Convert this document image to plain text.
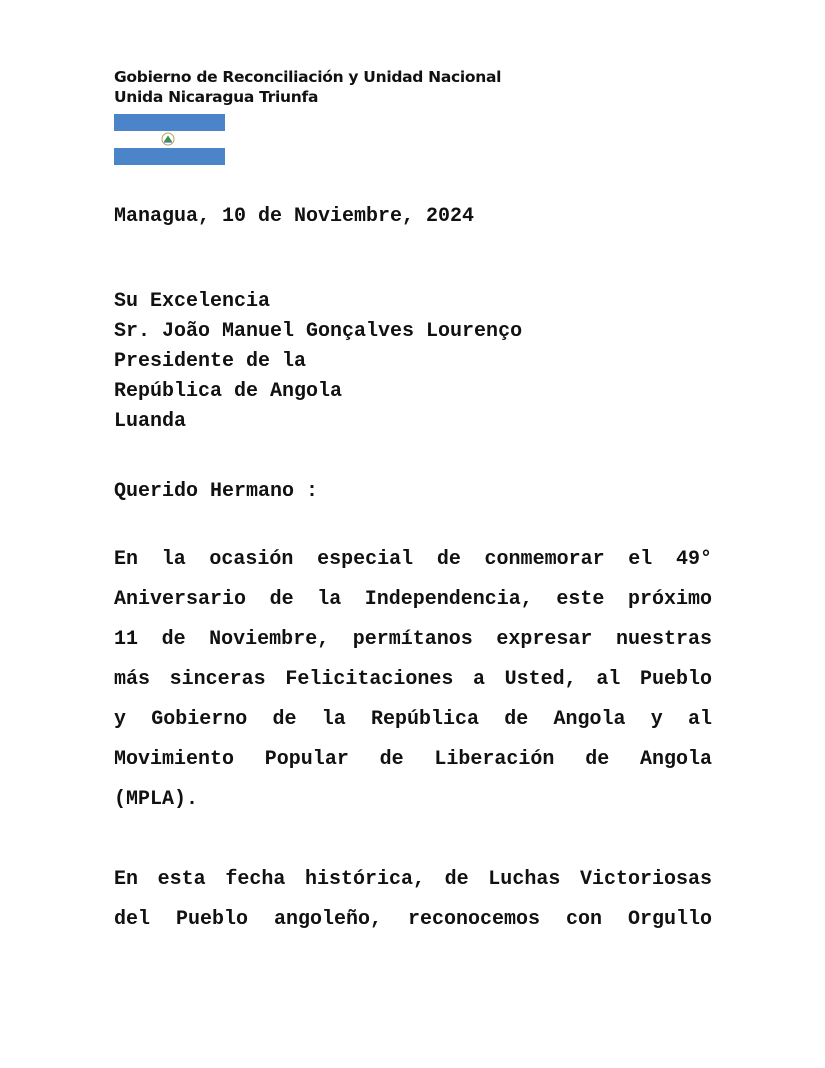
Gobierno de Reconciliación y Unidad Nacional
Unida Nicaragua Triunfa
Managua, 10 de Noviembre, 2024
Su Excelencia
Sr. João Manuel Gonçalves Lourenço
Presidente de la
República de Angola
Luanda
Querido Hermano :
En la ocasión especial de conmemorar el 49°
Aniversario de la Independencia, este próximo
11 de Noviembre, permítanos expresar nuestras
más sinceras Felicitaciones a Usted, al Pueblo
y Gobierno de la República de Angola y al
Movimiento Popular de Liberación de Angola
(MPLA).
En esta fecha histórica, de Luchas Victoriosas
del Pueblo angoleño, reconocemos con Orgullo
